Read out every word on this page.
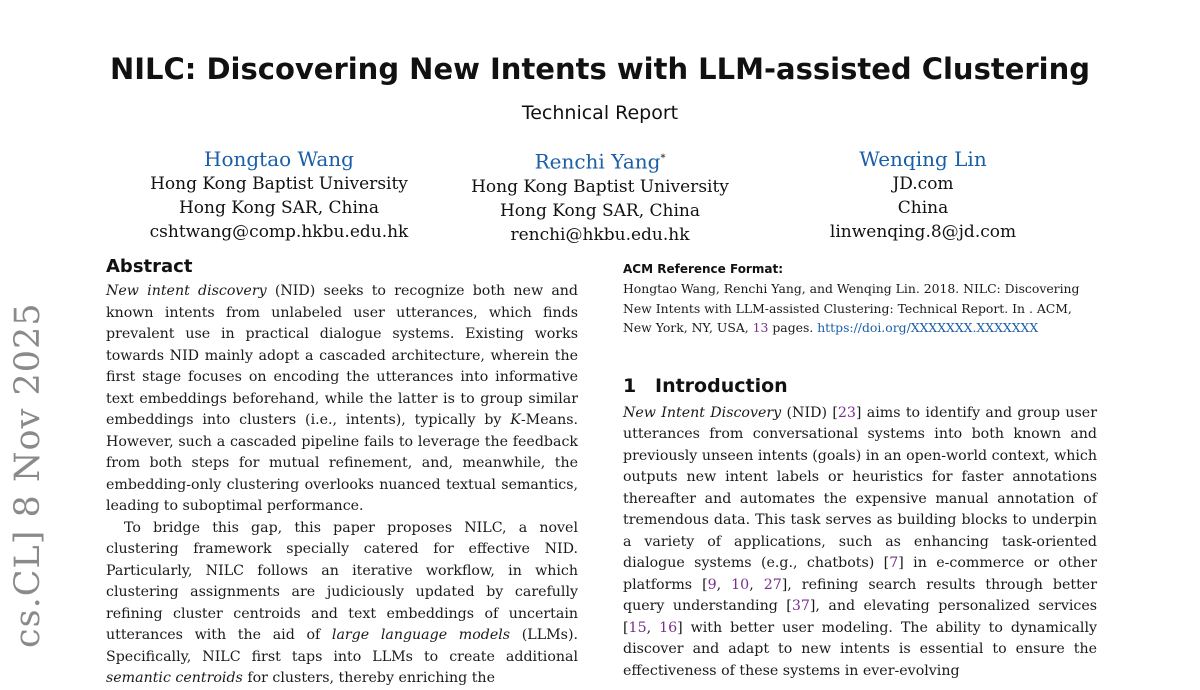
NILC: Discovering New Intents with LLM-assisted Clustering
Technical Report
Hongtao Wang
Hong Kong Baptist University
Hong Kong SAR, China
cshtwang@comp.hkbu.edu.hk
Renchi Yang*
Hong Kong Baptist University
Hong Kong SAR, China
renchi@hkbu.edu.hk
Wenqing Lin
JD.com
China
linwenqing.8@jd.com
cs.CL] 8 Nov 2025
Abstract

New intent discovery (NID) seeks to recognize both new and known intents from unlabeled user utterances, which finds prevalent use in practical dialogue systems. Existing works towards NID mainly adopt a cascaded architecture, wherein the first stage focuses on encoding the utterances into informative text embeddings beforehand, while the latter is to group similar embeddings into clusters (i.e., intents), typically by K-Means. However, such a cascaded pipeline fails to leverage the feedback from both steps for mutual refinement, and, meanwhile, the embedding-only clustering overlooks nuanced textual semantics, leading to suboptimal performance.

To bridge this gap, this paper proposes NILC, a novel clustering framework specially catered for effective NID. Particularly, NILC follows an iterative workflow, in which clustering assignments are judiciously updated by carefully refining cluster centroids and text embeddings of uncertain utterances with the aid of large language models (LLMs). Specifically, NILC first taps into LLMs to create additional semantic centroids for clusters, thereby enriching the

ACM Reference Format:

Hongtao Wang, Renchi Yang, and Wenqing Lin. 2018. NILC: Discovering New Intents with LLM-assisted Clustering: Technical Report. In . ACM, New York, NY, USA, 13 pages. https://doi.org/XXXXXXX.XXXXXXX

1 Introduction

New Intent Discovery (NID) [23] aims to identify and group user utterances from conversational systems into both known and previously unseen intents (goals) in an open-world context, which outputs new intent labels or heuristics for faster annotations thereafter and automates the expensive manual annotation of tremendous data. This task serves as building blocks to underpin a variety of applications, such as enhancing task-oriented dialogue systems (e.g., chatbots) [7] in e-commerce or other platforms [9, 10, 27], refining search results through better query understanding [37], and elevating personalized services [15, 16] with better user modeling. The ability to dynamically discover and adapt to new intents is essential to ensure the effectiveness of these systems in ever-evolving
